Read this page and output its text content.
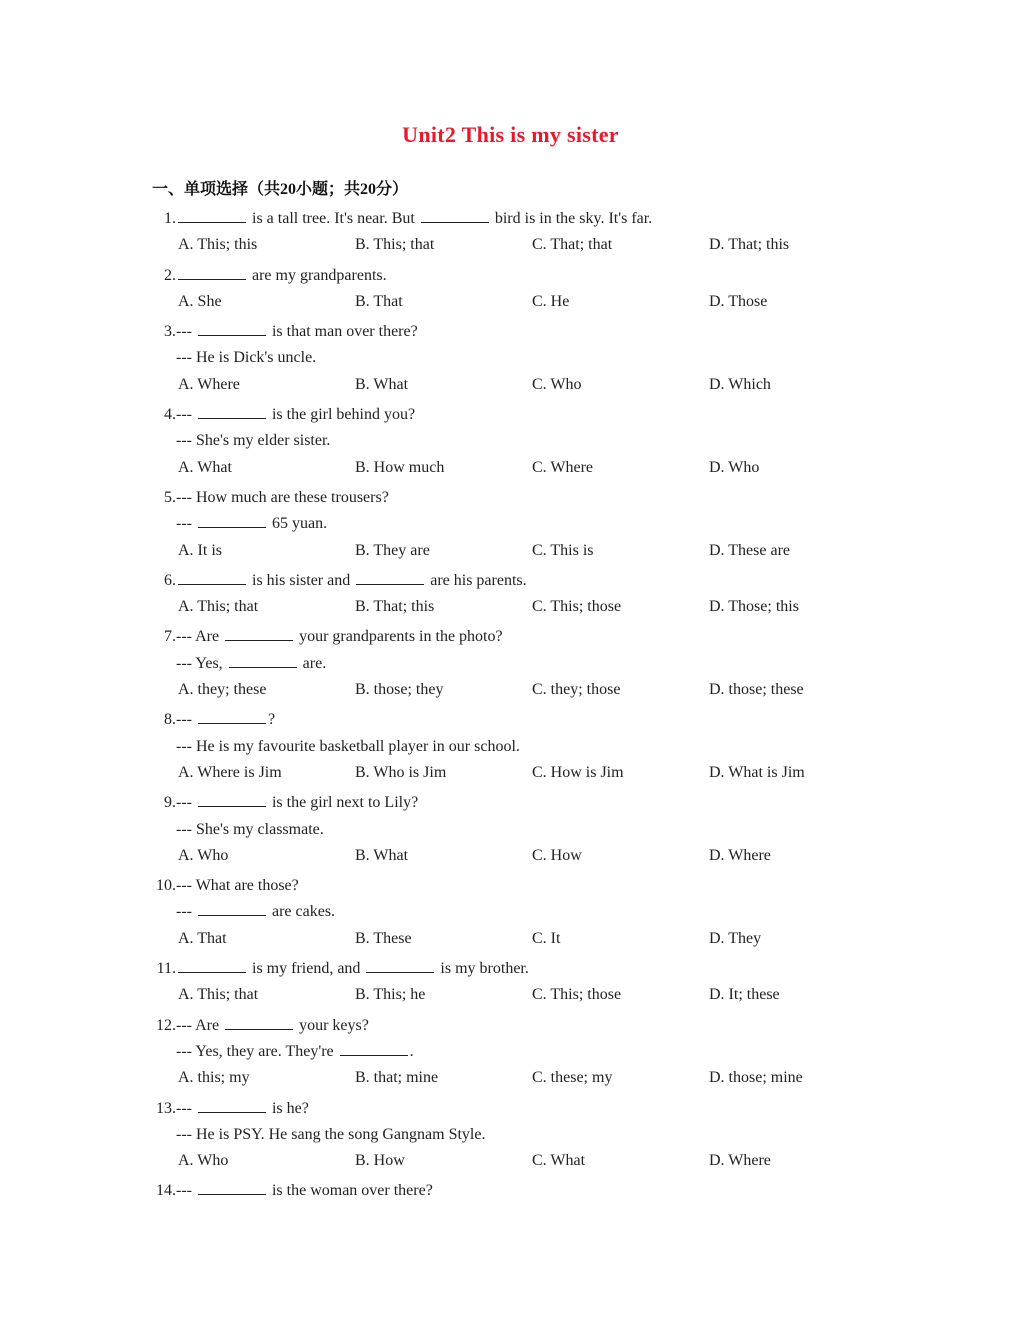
Unit2 This is my sister
一、单项选择（共20小题；共20分）
1.	is a tall tree. It's near. But	bird is in the sky. It's far.
A. This; this	B. This; that	C. That; that	D. That; this
2.	are my grandparents.
A. She	B. That	C. He	D. Those
3. ---	is that man over there?
--- He is Dick's uncle.
A. Where	B. What	C. Who	D. Which
4. ---	is the girl behind you?
--- She's my elder sister.
A. What	B. How much	C. Where	D. Who
5. --- How much are these trousers?
---	65 yuan.
A. It is	B. They are	C. This is	D. These are
6.	is his sister and	are his parents.
A. This; that	B. That; this	C. This; those	D. Those; this
7. --- Are	your grandparents in the photo?
--- Yes,	are.
A. they; these	B. those; they	C. they; those	D. those; these
8. ---	?
--- He is my favourite basketball player in our school.
A. Where is Jim	B. Who is Jim	C. How is Jim	D. What is Jim
9. ---	is the girl next to Lily?
--- She's my classmate.
A. Who	B. What	C. How	D. Where
10. --- What are those?
---	are cakes.
A. That	B. These	C. It	D. They
11.	is my friend, and	is my brother.
A. This; that	B. This; he	C. This; those	D. It; these
12. --- Are	your keys?
--- Yes, they are. They're	.
A. this; my	B. that; mine	C. these; my	D. those; mine
13. ---	is he?
--- He is PSY. He sang the song Gangnam Style.
A. Who	B. How	C. What	D. Where
14. ---	is the woman over there?
